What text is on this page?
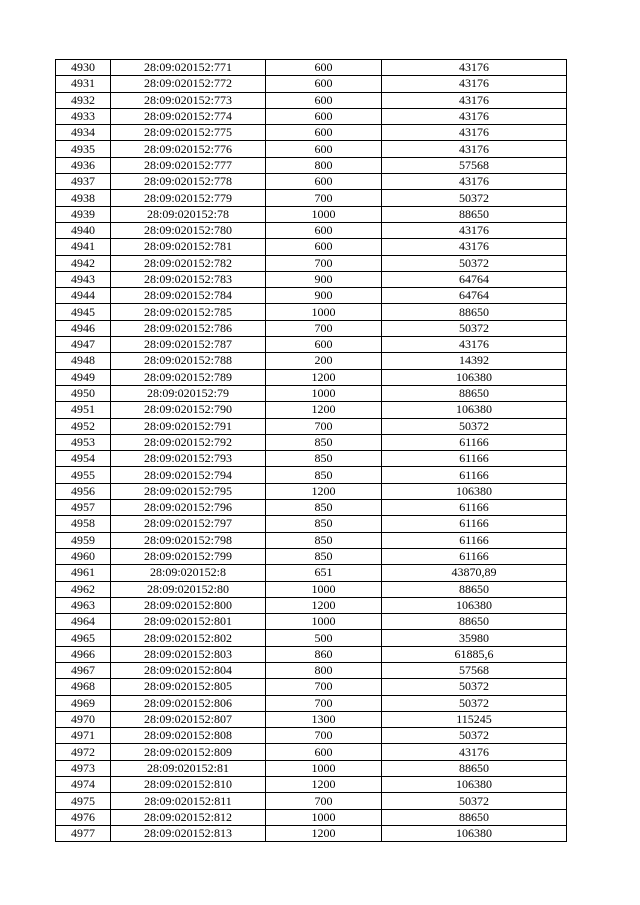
4930	28:09:020152:771	600	43176
4931	28:09:020152:772	600	43176
4932	28:09:020152:773	600	43176
4933	28:09:020152:774	600	43176
4934	28:09:020152:775	600	43176
4935	28:09:020152:776	600	43176
4936	28:09:020152:777	800	57568
4937	28:09:020152:778	600	43176
4938	28:09:020152:779	700	50372
4939	28:09:020152:78	1000	88650
4940	28:09:020152:780	600	43176
4941	28:09:020152:781	600	43176
4942	28:09:020152:782	700	50372
4943	28:09:020152:783	900	64764
4944	28:09:020152:784	900	64764
4945	28:09:020152:785	1000	88650
4946	28:09:020152:786	700	50372
4947	28:09:020152:787	600	43176
4948	28:09:020152:788	200	14392
4949	28:09:020152:789	1200	106380
4950	28:09:020152:79	1000	88650
4951	28:09:020152:790	1200	106380
4952	28:09:020152:791	700	50372
4953	28:09:020152:792	850	61166
4954	28:09:020152:793	850	61166
4955	28:09:020152:794	850	61166
4956	28:09:020152:795	1200	106380
4957	28:09:020152:796	850	61166
4958	28:09:020152:797	850	61166
4959	28:09:020152:798	850	61166
4960	28:09:020152:799	850	61166
4961	28:09:020152:8	651	43870,89
4962	28:09:020152:80	1000	88650
4963	28:09:020152:800	1200	106380
4964	28:09:020152:801	1000	88650
4965	28:09:020152:802	500	35980
4966	28:09:020152:803	860	61885,6
4967	28:09:020152:804	800	57568
4968	28:09:020152:805	700	50372
4969	28:09:020152:806	700	50372
4970	28:09:020152:807	1300	115245
4971	28:09:020152:808	700	50372
4972	28:09:020152:809	600	43176
4973	28:09:020152:81	1000	88650
4974	28:09:020152:810	1200	106380
4975	28:09:020152:811	700	50372
4976	28:09:020152:812	1000	88650
4977	28:09:020152:813	1200	106380
